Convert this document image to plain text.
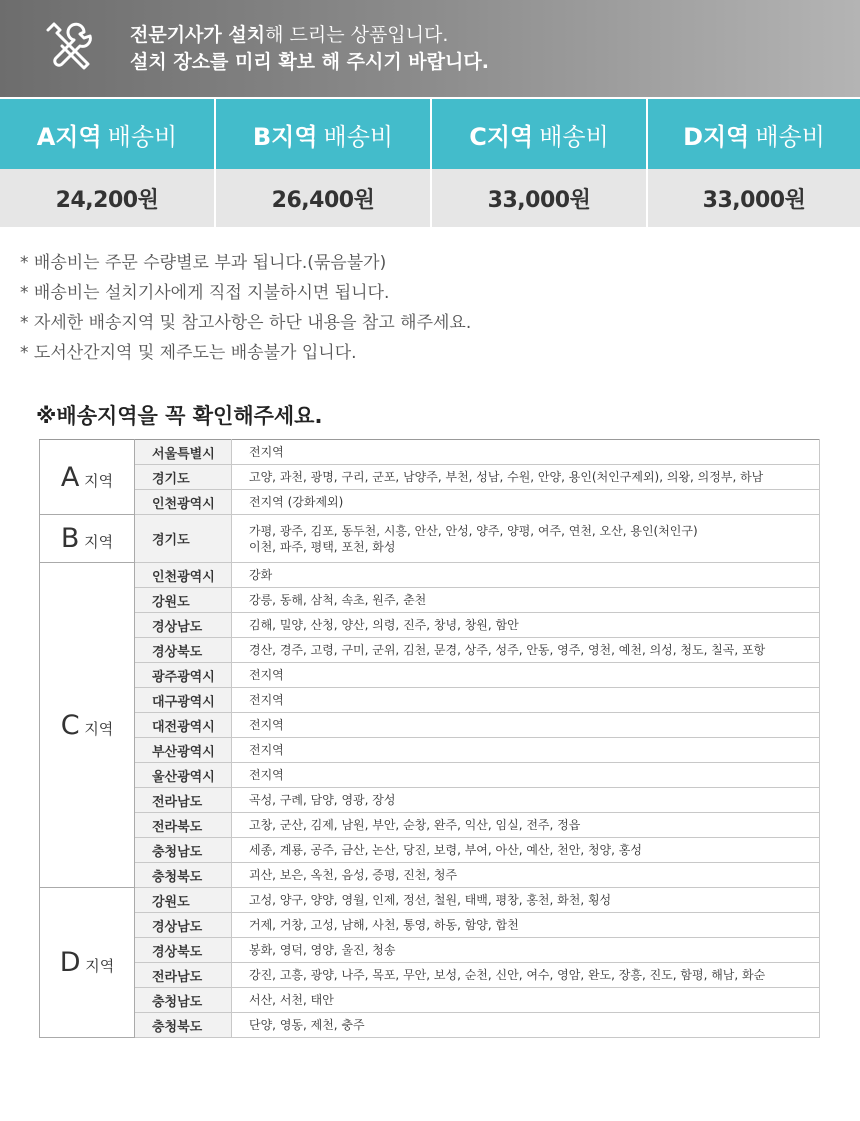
전문기사가 설치해 드리는 상품입니다.
설치 장소를 미리 확보 해 주시기 바랍니다.
A지역 배송비	B지역 배송비	C지역 배송비	D지역 배송비
24,200원	26,400원	33,000원	33,000원
* 배송비는 주문 수량별로 부과 됩니다.(묶음불가)
* 배송비는 설치기사에게 직접 지불하시면 됩니다.
* 자세한 배송지역 및 참고사항은 하단 내용을 참고 해주세요.
* 도서산간지역 및 제주도는 배송불가 입니다.
※배송지역을 꼭 확인해주세요.
A 지역	서울특별시	전지역

	경기도	고양, 과천, 광명, 구리, 군포, 남양주, 부천, 성남, 수원, 안양, 용인(처인구제외), 의왕, 의정부, 하남

	인천광역시	전지역 (강화제외)

B 지역	경기도	가평, 광주, 김포, 동두천, 시흥, 안산, 안성, 양주, 양평, 여주, 연천, 오산, 용인(처인구)
이천, 파주, 평택, 포천, 화성

C 지역	인천광역시	강화

	강원도	강릉, 동해, 삼척, 속초, 원주, 춘천

	경상남도	김해, 밀양, 산청, 양산, 의령, 진주, 창녕, 창원, 함안

	경상북도	경산, 경주, 고령, 구미, 군위, 김천, 문경, 상주, 성주, 안동, 영주, 영천, 예천, 의성, 청도, 칠곡, 포항

	광주광역시	전지역

	대구광역시	전지역

	대전광역시	전지역

	부산광역시	전지역

	울산광역시	전지역

	전라남도	곡성, 구례, 담양, 영광, 장성

	전라북도	고창, 군산, 김제, 남원, 부안, 순창, 완주, 익산, 임실, 전주, 정읍

	충청남도	세종, 계룡, 공주, 금산, 논산, 당진, 보령, 부여, 아산, 예산, 천안, 청양, 홍성

	충청북도	괴산, 보은, 옥천, 음성, 증평, 진천, 청주

D 지역	강원도	고성, 양구, 양양, 영월, 인제, 정선, 철원, 태백, 평창, 홍천, 화천, 횡성

	경상남도	거제, 거창, 고성, 남해, 사천, 통영, 하동, 함양, 합천

	경상북도	봉화, 영덕, 영양, 울진, 청송

	전라남도	강진, 고흥, 광양, 나주, 목포, 무안, 보성, 순천, 신안, 여수, 영암, 완도, 장흥, 진도, 함평, 해남, 화순

	충청남도	서산, 서천, 태안

	충청북도	단양, 영동, 제천, 충주
